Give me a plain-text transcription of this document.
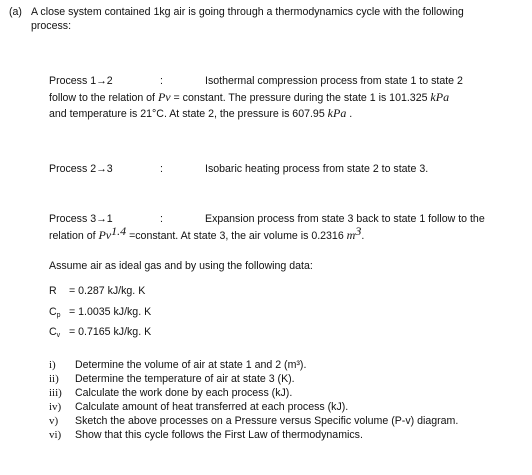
(a) A close system contained 1kg air is going through a thermodynamics cycle with the following
process:
Process 1→2	:	Isothermal compression process from state 1 to state 2
follow to the relation of Pv = constant. The pressure during the state 1 is 101.325 kPa
and temperature is 21°C. At state 2, the pressure is 607.95 kPa .
Process 2→3	:	Isobaric heating process from state 2 to state 3.
Process 3→1	:	Expansion process from state 3 back to state 1 follow to the
relation of $Pv^{1.4}$ =constant. At state 3, the air volume is 0.2316 $m^3$.
Assume air as ideal gas and by using the following data:
R = 0.287 kJ/kg. K
$C_p = 1.0035$ kJ/kg. K
$C_v = 0.7165$ kJ/kg. K
i) Determine the volume of air at state 1 and 2 (m³).
ii) Determine the temperature of air at state 3 (K).
iii) Calculate the work done by each process (kJ).
iv) Calculate amount of heat transferred at each process (kJ).
v) Sketch the above processes on a Pressure versus Specific volume (P-v) diagram.
vi) Show that this cycle follows the First Law of thermodynamics.
